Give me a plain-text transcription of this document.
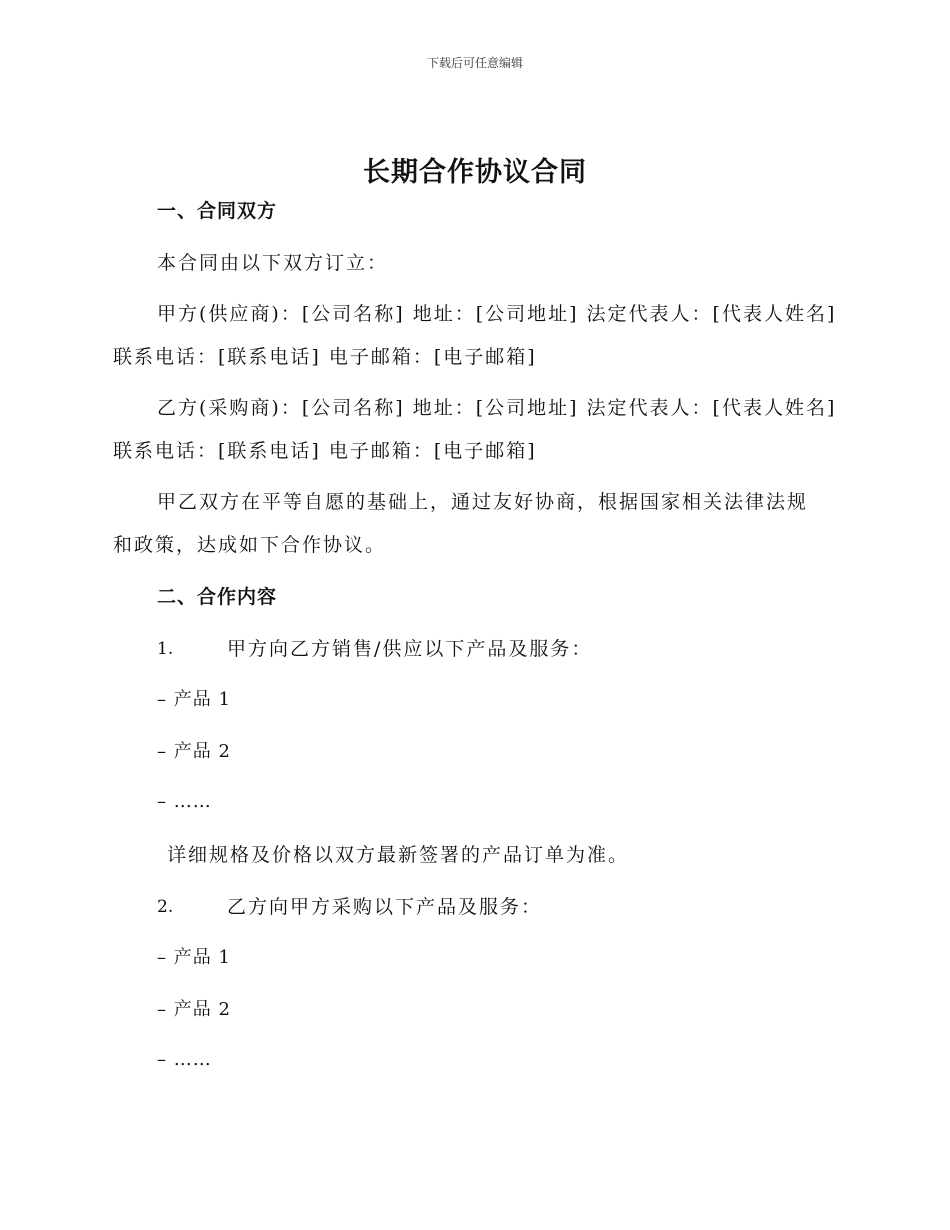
下载后可任意编辑
长期合作协议合同
一、合同双方
本合同由以下双方订立：
甲方(供应商)：[公司名称] 地址：[公司地址] 法定代表人：[代表人姓名]
联系电话：[联系电话] 电子邮箱：[电子邮箱]
乙方(采购商)：[公司名称] 地址：[公司地址] 法定代表人：[代表人姓名]
联系电话：[联系电话] 电子邮箱：[电子邮箱]
甲乙双方在平等自愿的基础上，通过友好协商，根据国家相关法律法规
和政策，达成如下合作协议。
二、合作内容
1.	甲方向乙方销售/供应以下产品及服务：
– 产品 1
– 产品 2
– ……
详细规格及价格以双方最新签署的产品订单为准。
2.	乙方向甲方采购以下产品及服务：
– 产品 1
– 产品 2
– ……
